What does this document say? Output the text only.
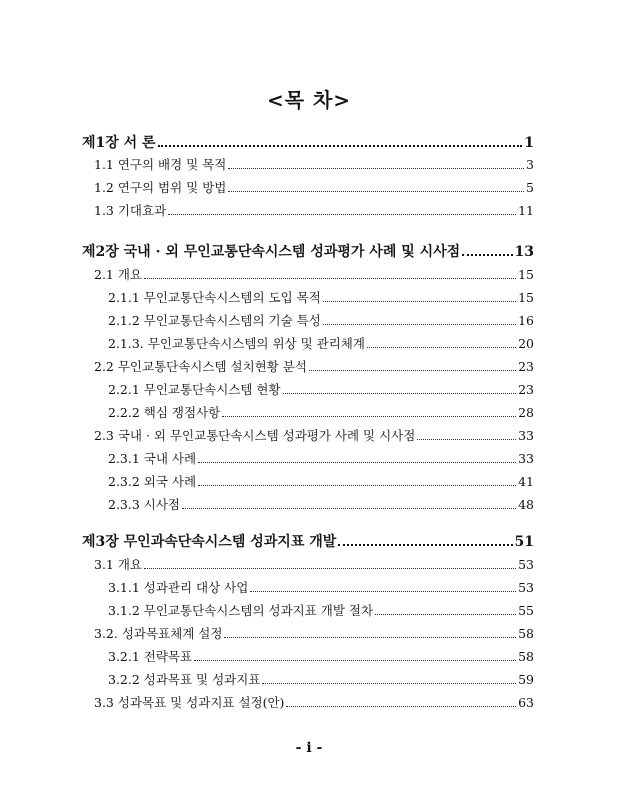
<목 차>
제1장 서 론	1
1.1 연구의 배경 및 목적	3
1.2 연구의 범위 및 방법	5
1.3 기대효과	11
제2장 국내 · 외 무인교통단속시스템 성과평가 사례 및 시사점	13
2.1 개요	15
2.1.1 무인교통단속시스템의 도입 목적	15
2.1.2 무인교통단속시스템의 기술 특성	16
2.1.3. 무인교통단속시스템의 위상 및 관리체계	20
2.2 무인교통단속시스템 설치현황 분석	23
2.2.1 무인교통단속시스템 현황	23
2.2.2 핵심 쟁점사항	28
2.3 국내 · 외 무인교통단속시스템 성과평가 사례 및 시사점	33
2.3.1 국내 사례	33
2.3.2 외국 사례	41
2.3.3 시사점	48
제3장 무인과속단속시스템 성과지표 개발	51
3.1 개요	53
3.1.1 성과관리 대상 사업	53
3.1.2 무인교통단속시스템의 성과지표 개발 절차	55
3.2. 성과목표체계 설정	58
3.2.1 전략목표	58
3.2.2 성과목표 및 성과지표	59
3.3 성과목표 및 성과지표 설정(안)	63
- i -
